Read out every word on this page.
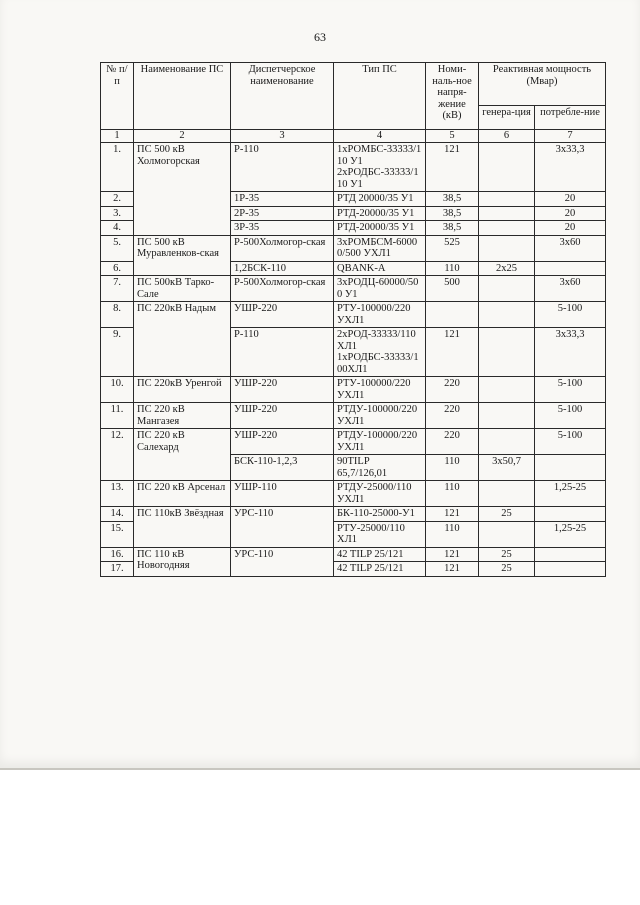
63
№ п/п	Наименование ПС	Диспетчерское наименование	Тип ПС	Номи-наль-ное напря-жение (кВ)	Реактивная мощность (Мвар)	
					генера-ция	потребле-ние
1	2	3	4	5	6	7
1.	ПС 500 кВ Холмогорская	Р-110	1хРОМБС-33333/110 У1 2хРОДБС-33333/110 У1	121		3х33,3
2.		1Р-35	РТД 20000/35 У1	38,5		20
3.		2Р-35	РТД-20000/35 У1	38,5		20
4.		3Р-35	РТД-20000/35 У1	38,5		20
5.	ПС 500 кВ Муравленков-ская	Р-500Холмогор-ская	3хРОМБСМ-60000/500 УХЛ1	525		3х60
6.		1,2БСК-110	QBANK-A	110	2х25	
7.	ПС 500кВ Тарко-Сале	Р-500Холмогор-ская	3хРОДЦ-60000/500 У1	500		3х60
8.	ПС 220кВ Надым	УШР-220	РТУ-100000/220 УХЛ1			5-100
9.		Р-110	2хРОД-33333/110ХЛ1 1хРОДБС-33333/100ХЛ1	121		3х33,3
10.	ПС 220кВ Уренгой	УШР-220	РТУ-100000/220 УХЛ1	220		5-100
11.	ПС 220 кВ Мангазея	УШР-220	РТДУ-100000/220 УХЛ1	220		5-100
12.	ПС 220 кВ Салехард	УШР-220	РТДУ-100000/220 УХЛ1	220		5-100
		БСК-110-1,2,3	90TILP 65,7/126,01	110	3х50,7	
13.	ПС 220 кВ Арсенал	УШР-110	РТДУ-25000/110 УХЛ1	110		1,25-25
14.	ПС 110кВ Звёздная	УРС-110	БК-110-25000-У1	121	25	
15.			РТУ-25000/110 ХЛ1	110		1,25-25
16.	ПС 110 кВ Новогодняя	УРС-110	42 TILP 25/121	121	25	
17.			42 TILP 25/121	121	25	
